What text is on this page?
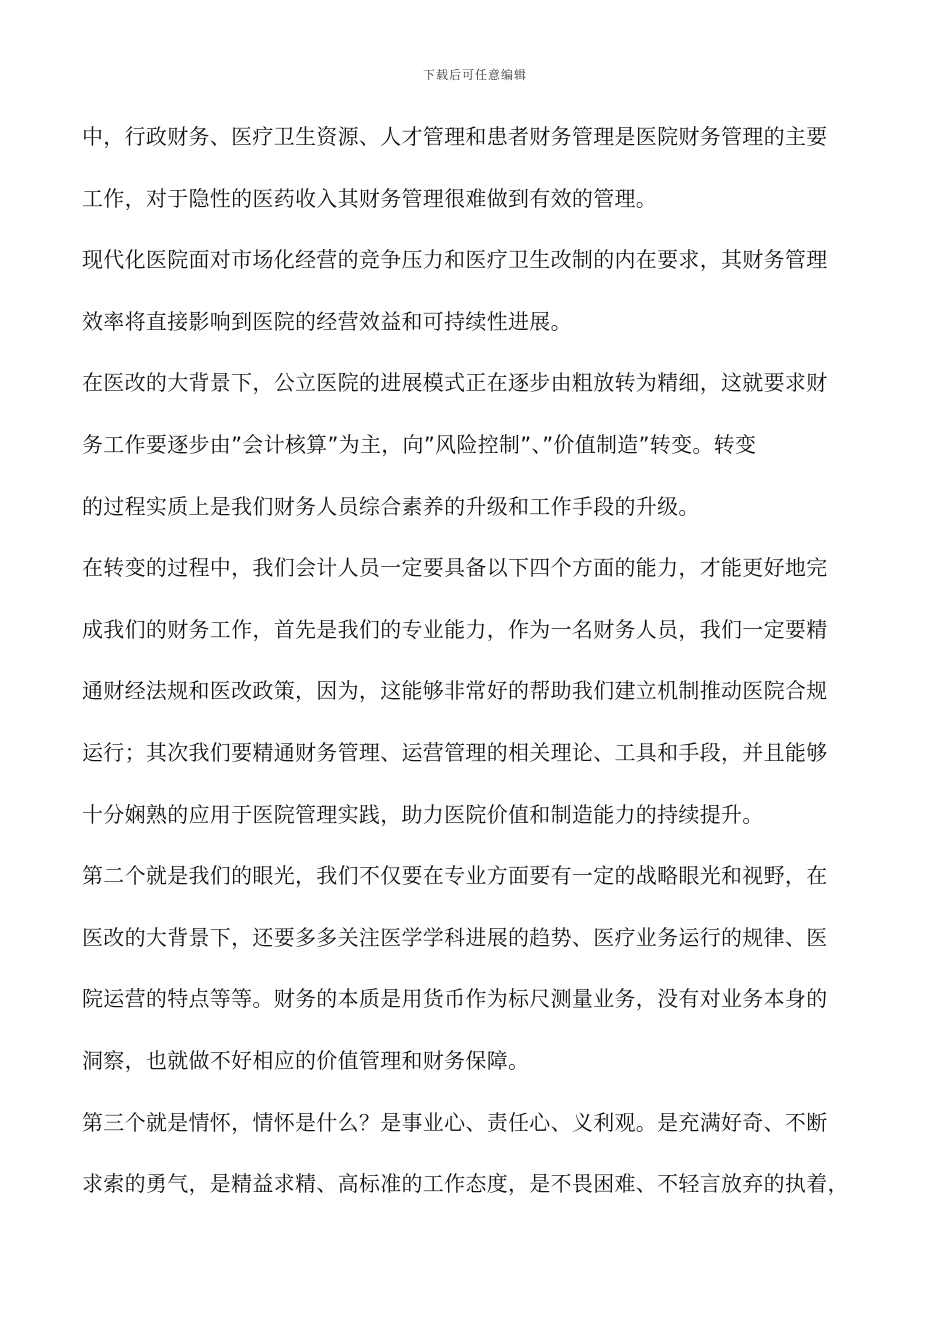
下载后可任意编辑
中，行政财务、医疗卫生资源、人才管理和患者财务管理是医院财务管理的主要
工作，对于隐性的医药收入其财务管理很难做到有效的管理。
现代化医院面对市场化经营的竞争压力和医疗卫生改制的内在要求，其财务管理
效率将直接影响到医院的经营效益和可持续性进展。
在医改的大背景下，公立医院的进展模式正在逐步由粗放转为精细，这就要求财
务工作要逐步由”会计核算”为主，向”风险控制”、”价值制造”转变。转变
的过程实质上是我们财务人员综合素养的升级和工作手段的升级。
在转变的过程中，我们会计人员一定要具备以下四个方面的能力，才能更好地完
成我们的财务工作，首先是我们的专业能力，作为一名财务人员，我们一定要精
通财经法规和医改政策，因为，这能够非常好的帮助我们建立机制推动医院合规
运行；其次我们要精通财务管理、运营管理的相关理论、工具和手段，并且能够
十分娴熟的应用于医院管理实践，助力医院价值和制造能力的持续提升。
第二个就是我们的眼光，我们不仅要在专业方面要有一定的战略眼光和视野，在
医改的大背景下，还要多多关注医学学科进展的趋势、医疗业务运行的规律、医
院运营的特点等等。财务的本质是用货币作为标尺测量业务，没有对业务本身的
洞察，也就做不好相应的价值管理和财务保障。
第三个就是情怀，情怀是什么？是事业心、责任心、义利观。是充满好奇、不断
求索的勇气，是精益求精、高标准的工作态度，是不畏困难、不轻言放弃的执着，
